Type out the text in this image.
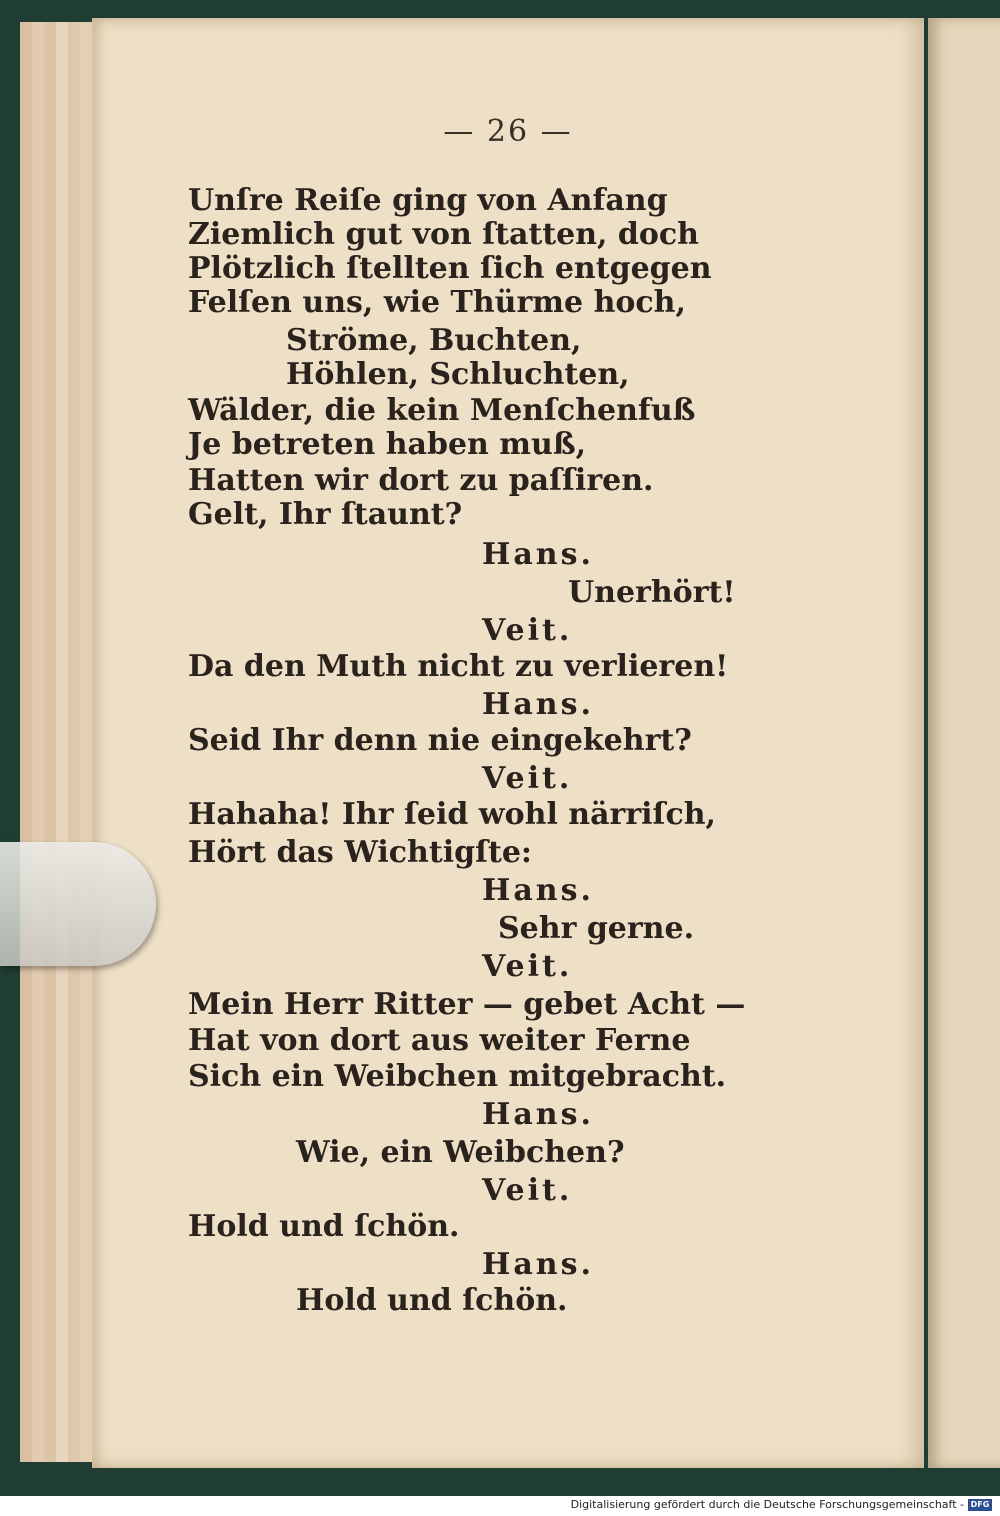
— 26 —
Unſre Reiſe ging von Anfang
Ziemlich gut von ſtatten, doch
Plötzlich ſtellten ſich entgegen
Felſen uns, wie Thürme hoch,
Ströme, Buchten,
Höhlen, Schluchten,
Wälder, die kein Menſchenfuß
Je betreten haben muß,
Hatten wir dort zu paſſiren.
Gelt, Ihr ſtaunt?
Hans.
Unerhört!
Veit.
Da den Muth nicht zu verlieren!
Hans.
Seid Ihr denn nie eingekehrt?
Veit.
Hahaha! Ihr ſeid wohl närriſch,
Hört das Wichtigſte:
Hans.
Sehr gerne.
Veit.
Mein Herr Ritter — gebet Acht —
Hat von dort aus weiter Ferne
Sich ein Weibchen mitgebracht.
Hans.
Wie, ein Weibchen?
Veit.
Hold und ſchön.
Hans.
Hold und ſchön.
Digitalisierung gefördert durch die Deutsche Forschungsgemeinschaft - DFG
